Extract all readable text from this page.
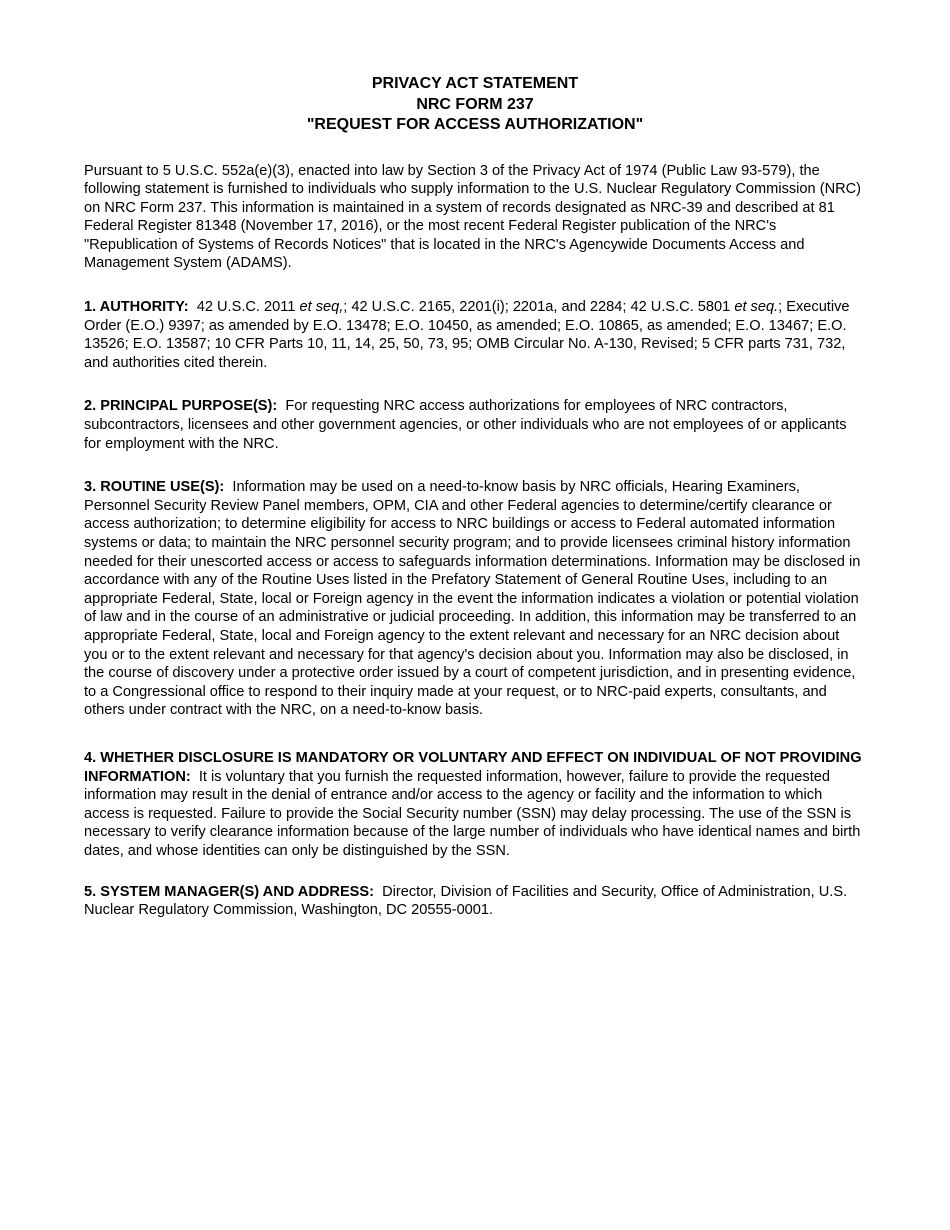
PRIVACY ACT STATEMENT
NRC FORM 237
"REQUEST FOR ACCESS AUTHORIZATION"

Pursuant to 5 U.S.C. 552a(e)(3), enacted into law by Section 3 of the Privacy Act of 1974 (Public Law 93-579), the following statement is furnished to individuals who supply information to the U.S. Nuclear Regulatory Commission (NRC) on NRC Form 237. This information is maintained in a system of records designated as NRC-39 and described at 81 Federal Register 81348 (November 17, 2016), or the most recent Federal Register publication of the NRC's "Republication of Systems of Records Notices" that is located in the NRC's Agencywide Documents Access and Management System (ADAMS).

1. AUTHORITY: 42 U.S.C. 2011 et seq,; 42 U.S.C. 2165, 2201(i); 2201a, and 2284; 42 U.S.C. 5801 et seq.; Executive Order (E.O.) 9397; as amended by E.O. 13478; E.O. 10450, as amended; E.O. 10865, as amended; E.O. 13467; E.O. 13526; E.O. 13587; 10 CFR Parts 10, 11, 14, 25, 50, 73, 95; OMB Circular No. A-130, Revised; 5 CFR parts 731, 732, and authorities cited therein.

2. PRINCIPAL PURPOSE(S): For requesting NRC access authorizations for employees of NRC contractors, subcontractors, licensees and other government agencies, or other individuals who are not employees of or applicants for employment with the NRC.

3. ROUTINE USE(S): Information may be used on a need-to-know basis by NRC officials, Hearing Examiners, Personnel Security Review Panel members, OPM, CIA and other Federal agencies to determine/certify clearance or access authorization; to determine eligibility for access to NRC buildings or access to Federal automated information systems or data; to maintain the NRC personnel security program; and to provide licensees criminal history information needed for their unescorted access or access to safeguards information determinations. Information may be disclosed in accordance with any of the Routine Uses listed in the Prefatory Statement of General Routine Uses, including to an appropriate Federal, State, local or Foreign agency in the event the information indicates a violation or potential violation of law and in the course of an administrative or judicial proceeding. In addition, this information may be transferred to an appropriate Federal, State, local and Foreign agency to the extent relevant and necessary for an NRC decision about you or to the extent relevant and necessary for that agency's decision about you. Information may also be disclosed, in the course of discovery under a protective order issued by a court of competent jurisdiction, and in presenting evidence, to a Congressional office to respond to their inquiry made at your request, or to NRC-paid experts, consultants, and others under contract with the NRC, on a need-to-know basis.

4. WHETHER DISCLOSURE IS MANDATORY OR VOLUNTARY AND EFFECT ON INDIVIDUAL OF NOT PROVIDING INFORMATION: It is voluntary that you furnish the requested information, however, failure to provide the requested information may result in the denial of entrance and/or access to the agency or facility and the information to which access is requested. Failure to provide the Social Security number (SSN) may delay processing. The use of the SSN is necessary to verify clearance information because of the large number of individuals who have identical names and birth dates, and whose identities can only be distinguished by the SSN.

5. SYSTEM MANAGER(S) AND ADDRESS: Director, Division of Facilities and Security, Office of Administration, U.S. Nuclear Regulatory Commission, Washington, DC 20555-0001.
